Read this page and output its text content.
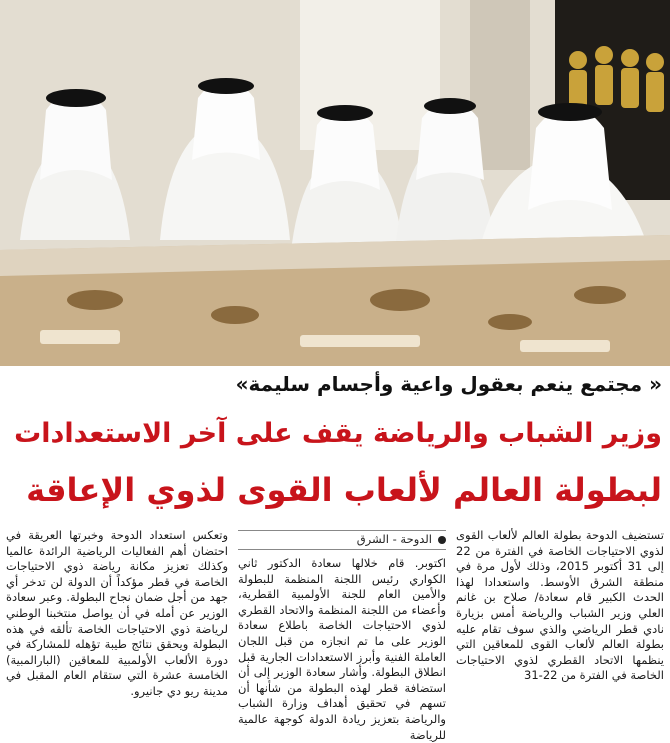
« مجتمع ينعم بعقول واعية وأجسام سليمة»
وزير الشباب والرياضة يقف على آخر الاستعدادات
لبطولة العالم لألعاب القوى لذوي الإعاقة

تستضيف الدوحة بطولة العالم لألعاب القوى لذوي الاحتياجات الخاصة في الفترة من 22 إلى 31 أكتوبر 2015، وذلك لأول مرة في منطقة الشرق الأوسط. واستعدادا لهذا الحدث الكبير قام سعادة/ صلاح بن غانم العلي وزير الشباب والرياضة أمس بزيارة نادي قطر الرياضي والذي سوف تقام عليه بطولة العالم لألعاب القوى للمعاقين التي ينظمها الاتحاد القطري لذوي الاحتياجات الخاصة في الفترة من 22-31

الدوحة - الشرق

اكتوبر. قام خلالها سعادة الدكتور ثاني الكواري رئيس اللجنة المنظمة للبطولة والأمين العام للجنة الأولمبية القطرية، وأعضاء من اللجنة المنظمة والاتحاد القطري لذوي الاحتياجات الخاصة باطلاع سعادة الوزير على ما تم انجازه من قبل اللجان العاملة الفنية وأبرز الاستعدادات الجارية قبل انطلاق البطولة. وأشار سعادة الوزير إلى أن استضافة قطر لهذه البطولة من شأنها أن تسهم في تحقيق أهداف وزارة الشباب والرياضة بتعزيز ريادة الدولة كوجهة عالمية للرياضة

وتعكس استعداد الدوحة وخبرتها العريقة في احتضان أهم الفعاليات الرياضية الرائدة عالميا وكذلك تعزيز مكانة رياضة ذوي الاحتياجات الخاصة في قطر مؤكداً أن الدولة لن تدخر أي جهد من أجل ضمان نجاح البطولة. وعبر سعادة الوزير عن أمله في أن يواصل منتخبنا الوطني لرياضة ذوي الاحتياجات الخاصة تألقه في هذه البطولة ويحقق نتائج طيبة تؤهله للمشاركة في دورة الألعاب الأولمبية للمعاقين (البارالمبية) الخامسة عشرة التي ستقام العام المقبل في مدينة ريو دي جانيرو.
